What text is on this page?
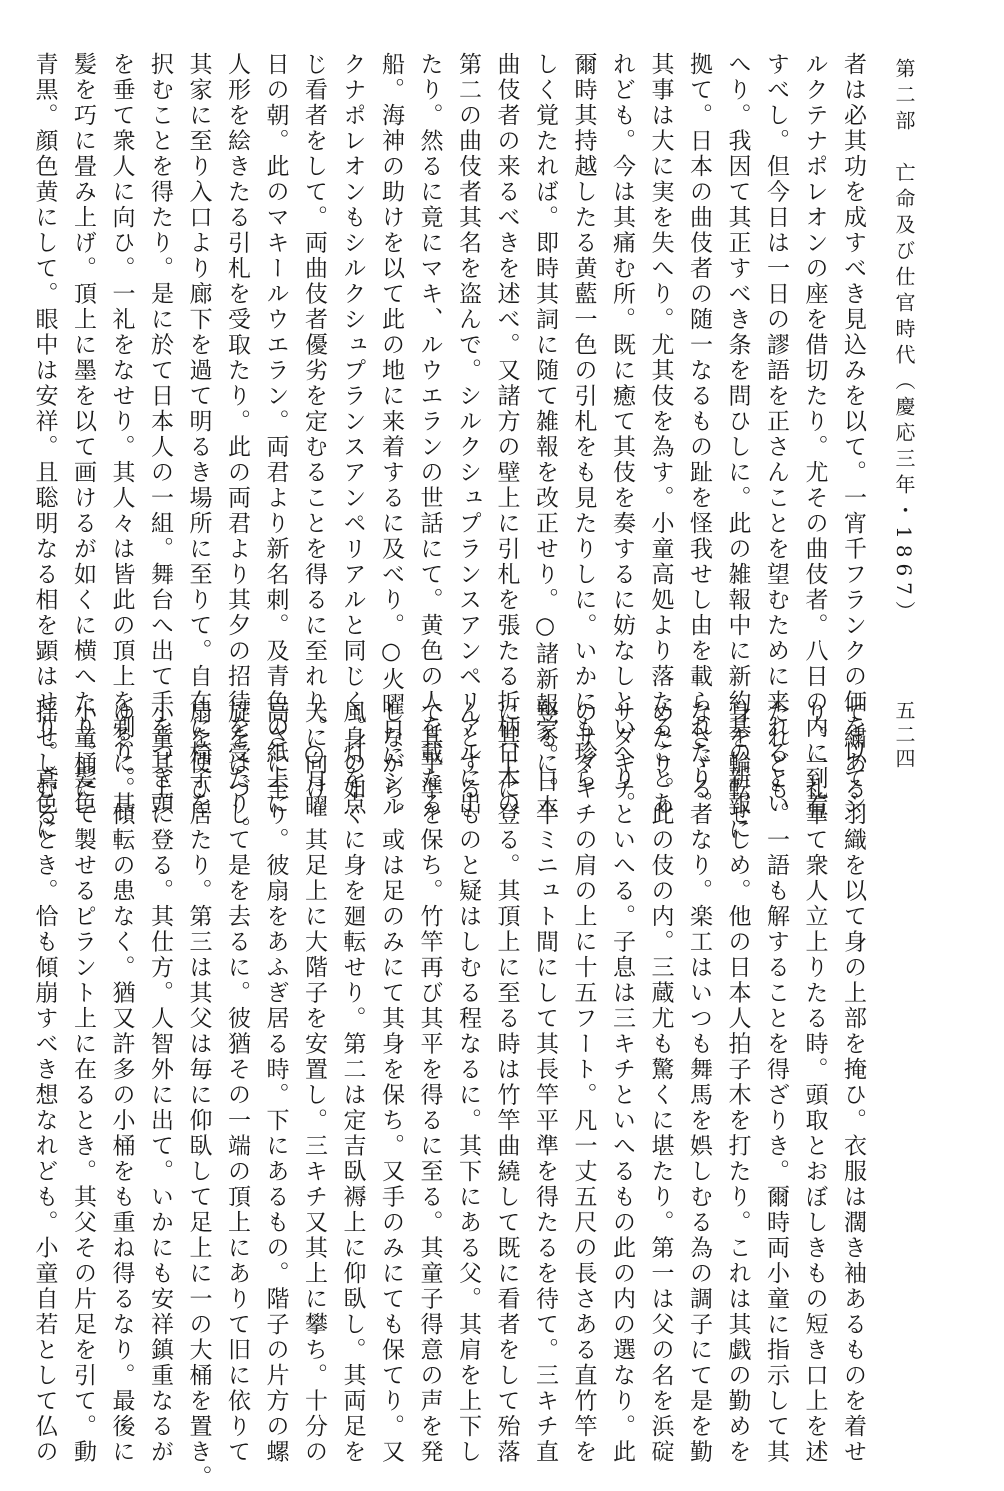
第二部　亡命及び仕官時代（慶応三年・1867）
五二四
者は必其功を成すべき見込みを以て。一宵千フランクの価を以てシ
ルクテナポレオンの座を借切たり。尤その曲伎者。八日の内に到着
すべし。但今日は一日の謬語を正さんことを望むために来れるとい
へり。我因て其正すべき条を問ひしに。此の雑報中に新約基の新報に
拠て。日本の曲伎者の随一なるもの趾を怪我せし由を載られたり。
其事は大に実を失へり。尤其伎を為す。小童高処より落たることあ
れども。今は其痛む所。既に癒て其伎を奏するに妨なしといへり。
爾時其持越したる黄藍一色の引札をも見たりしに。いかにも珍ら
しく覚たれば。即時其詞に随て雑報を改正せり。○諸新報家。日本
曲伎者の来るべきを述べ。又諸方の壁上に引札を張たる折柄日本の
第二の曲伎者其名を盗んで。シルクシュプランスアンペリアルに出
たり。然るに竟にマキ、ルウエランの世話にて。黄色の人を載たる
船。海神の助けを以て此の地に来着するに及べり。○火曜日にシル
クナポレオンもシルクシュプランスアンペリアルと同じく。灯を点
じ看者をして。両曲伎者優劣を定むることを得るに至れり。○月曜
日の朝。此のマキールウエラン。両君より新名刺。及青色の紙上に
人形を絵きたる引札を受取たり。此の両君より其夕の招待を受たり。
其家に至り入口より廊下を過て明るき場所に至りて。自在に椅子を
択むことを得たり。是に於て日本人の一組。舞台へ出て手をつき頭
を垂て衆人に向ひ。一礼をなせり。其人々は皆此の頂上を剃り。其
髪を巧に畳み上げ。頂上に墨を以て画けるが如くに横へたり。髪色
青黒。顔色黄にして。眼中は安祥。且聡明なる相を顕はせり。鳶色に
て繍ある羽織を以て身の上部を掩ひ。衣服は濶き袖あるものを着せ
り。一礼畢て衆人立上りたる時。頭取とおぼしきもの短き口上を述
たれども。一語も解することを得ざりき。爾時両小童に指示して其
身を輪転せしめ。他の日本人拍子木を打たり。これは其戯の勤めを
なさゞる者なり。楽工はいつも舞馬を娯しむる為の調子にて是を勤
めたり。此の伎の内。三蔵尤も驚くに堪たり。第一は父の名を浜碇
サダキチといへる。子息は三キチといへるもの此の内の選なり。此
のサダキチの肩の上に十五フート。凡一丈五尺の長さある直竹竿を
竪るに。半ミニュト間にして其長竿平準を得たるを待て。三キチ直
に其上に登る。其頂上に至る時は竹竿曲繞して既に看者をして殆落
んとするものと疑はしむる程なるに。其下にある父。其肩を上下し
て其平準を保ち。竹竿再び其平を得るに至る。其童子得意の声を発
しながら。或は足のみにて其身を保ち。又手のみにても保てり。又
風身の如くに身を廻転せり。第二は定吉臥褥上に仰臥し。其両足を
天に向け。其足上に大階子を安置し。三キチ又其上に攀ち。十分の
高さに至り。彼扇をあふぎ居る時。下にあるもの。階子の片方の螺
旋をはづして是を去るに。彼猶その一端の頂上にありて旧に依りて
扇を使ひ居たり。第三は其父は毎に仰臥して足上に一の大桶を置き。
小童其上に登る。其仕方。人智外に出て。いかにも安祥鎮重なるが
ゆゑに。傾転の患なく。猶又許多の小桶をも重ね得るなり。最後に
小童桶にて製せるピラント上に在るとき。其父その片足を引て。動
揺せしむるとき。恰も傾崩すべき想なれども。小童自若として仏の
